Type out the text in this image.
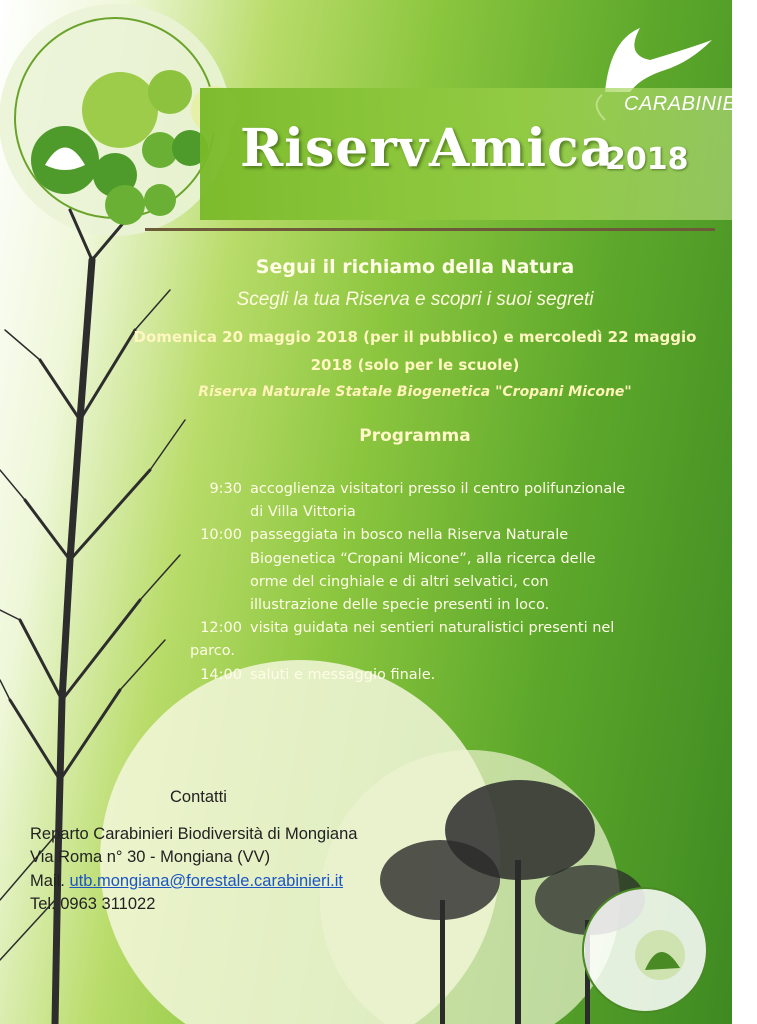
RiservAmica
2018
CARABINIERI
Segui il richiamo della Natura
Scegli la tua Riserva e scopri i suoi segreti
Domenica 20 maggio 2018 (per il pubblico) e mercoledì 22 maggio
2018 (solo per le scuole)
Riserva Naturale Statale Biogenetica "Cropani Micone"
Programma
9:30 accoglienza visitatori presso il centro polifunzionale
di Villa Vittoria
10:00 passeggiata in bosco nella Riserva Naturale
Biogenetica “Cropani Micone”, alla ricerca delle
orme del cinghiale e di altri selvatici, con
illustrazione delle specie presenti in loco.
12:00 visita guidata nei sentieri naturalistici presenti nel
parco.
14:00 saluti e messaggio finale.
Contatti
Reparto Carabinieri Biodiversità di Mongiana
Via Roma n° 30 - Mongiana (VV)
Mail. utb.mongiana@forestale.carabinieri.it
Tel. 0963 311022
